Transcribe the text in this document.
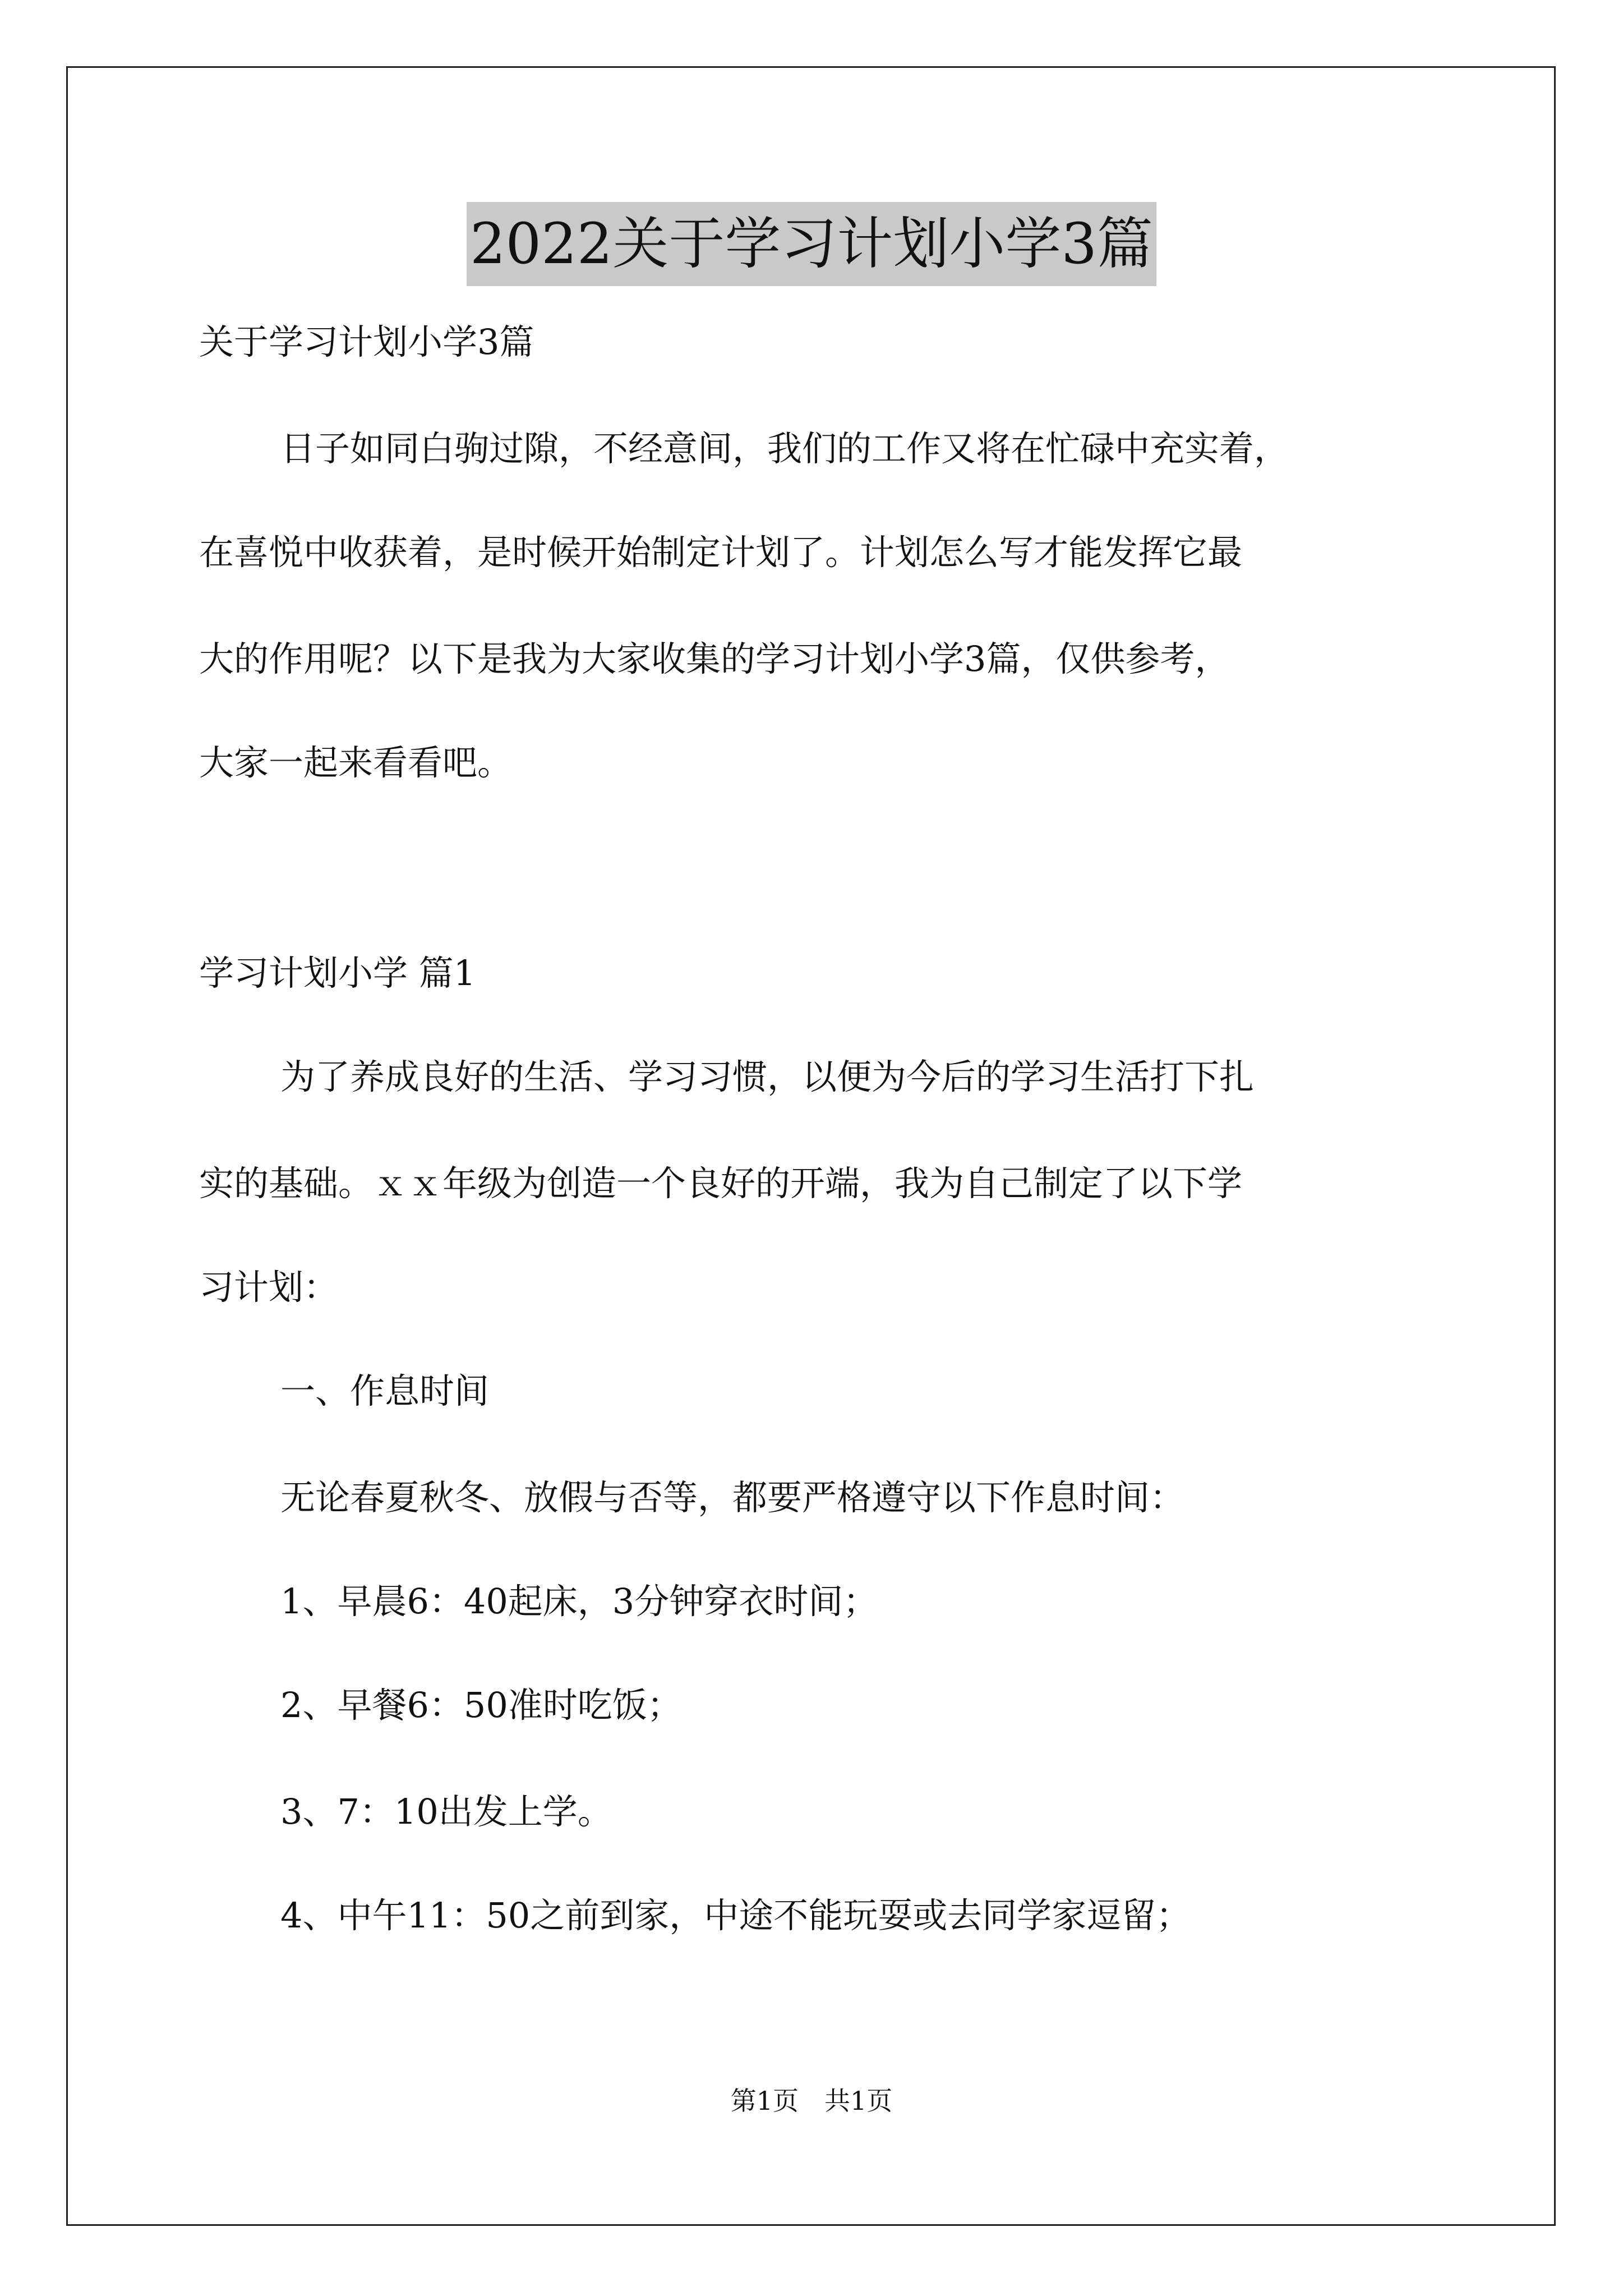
2022关于学习计划小学3篇

关于学习计划小学3篇

日子如同白驹过隙，不经意间，我们的工作又将在忙碌中充实着，

在喜悦中收获着，是时候开始制定计划了。计划怎么写才能发挥它最

大的作用呢？以下是我为大家收集的学习计划小学3篇，仅供参考，

大家一起来看看吧。

学习计划小学 篇1

为了养成良好的生活、学习习惯，以便为今后的学习生活打下扎

实的基础。ｘｘ年级为创造一个良好的开端，我为自己制定了以下学

习计划：

一、作息时间

无论春夏秋冬、放假与否等，都要严格遵守以下作息时间：

1、早晨6：40起床，3分钟穿衣时间；

2、早餐6：50准时吃饭；

3、7：10出发上学。

4、中午11：50之前到家，中途不能玩耍或去同学家逗留；

第1页　共1页
